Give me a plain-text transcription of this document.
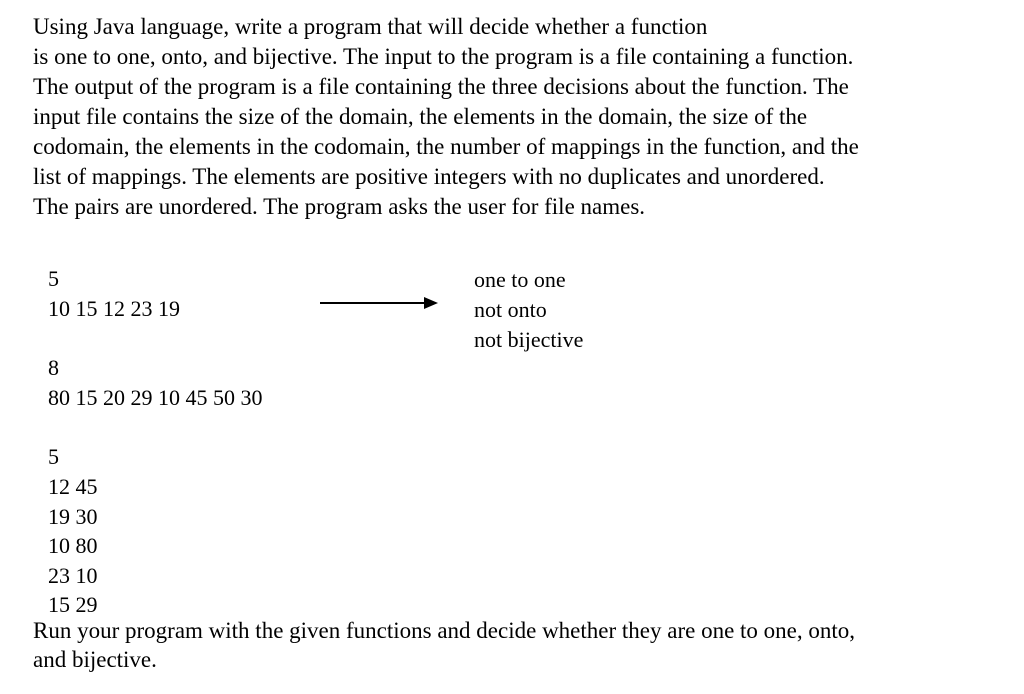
Using Java language, write a program that will decide whether a function
is one to one, onto, and bijective. The input to the program is a file containing a function.
The output of the program is a file containing the three decisions about the function. The
input file contains the size of the domain, the elements in the domain, the size of the
codomain, the elements in the codomain, the number of mappings in the function, and the
list of mappings. The elements are positive integers with no duplicates and unordered.
The pairs are unordered. The program asks the user for file names.
5
10 15 12 23 19
8
80 15 20 29 10 45 50 30
5
12 45
19 30
10 80
23 10
15 29
one to one
not onto
not bijective
Run your program with the given functions and decide whether they are one to one, onto,
and bijective.
